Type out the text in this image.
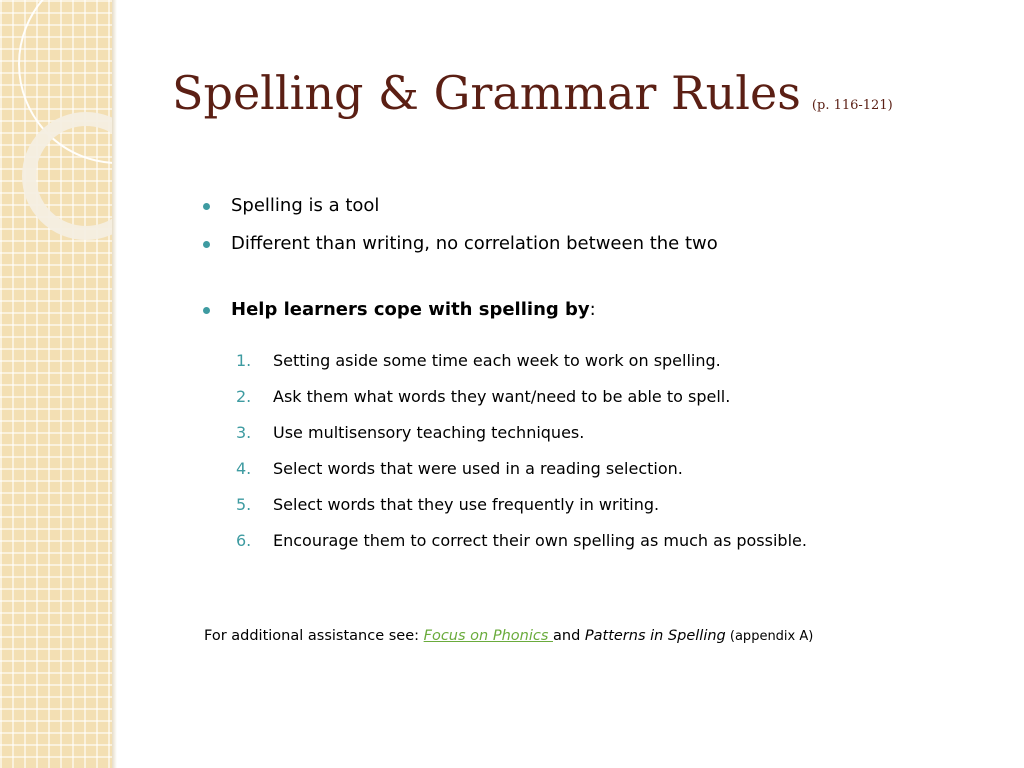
Spelling & Grammar Rules (p. 116-121)
Spelling is a tool
Different than writing, no correlation between the two
Help learners cope with spelling by:
1. Setting aside some time each week to work on spelling.
2. Ask them what words they want/need to be able to spell.
3. Use multisensory teaching techniques.
4. Select words that were used in a reading selection.
5. Select words that they use frequently in writing.
6. Encourage them to correct their own spelling as much as possible.
For additional assistance see: Focus on Phonics and Patterns in Spelling (appendix A)
